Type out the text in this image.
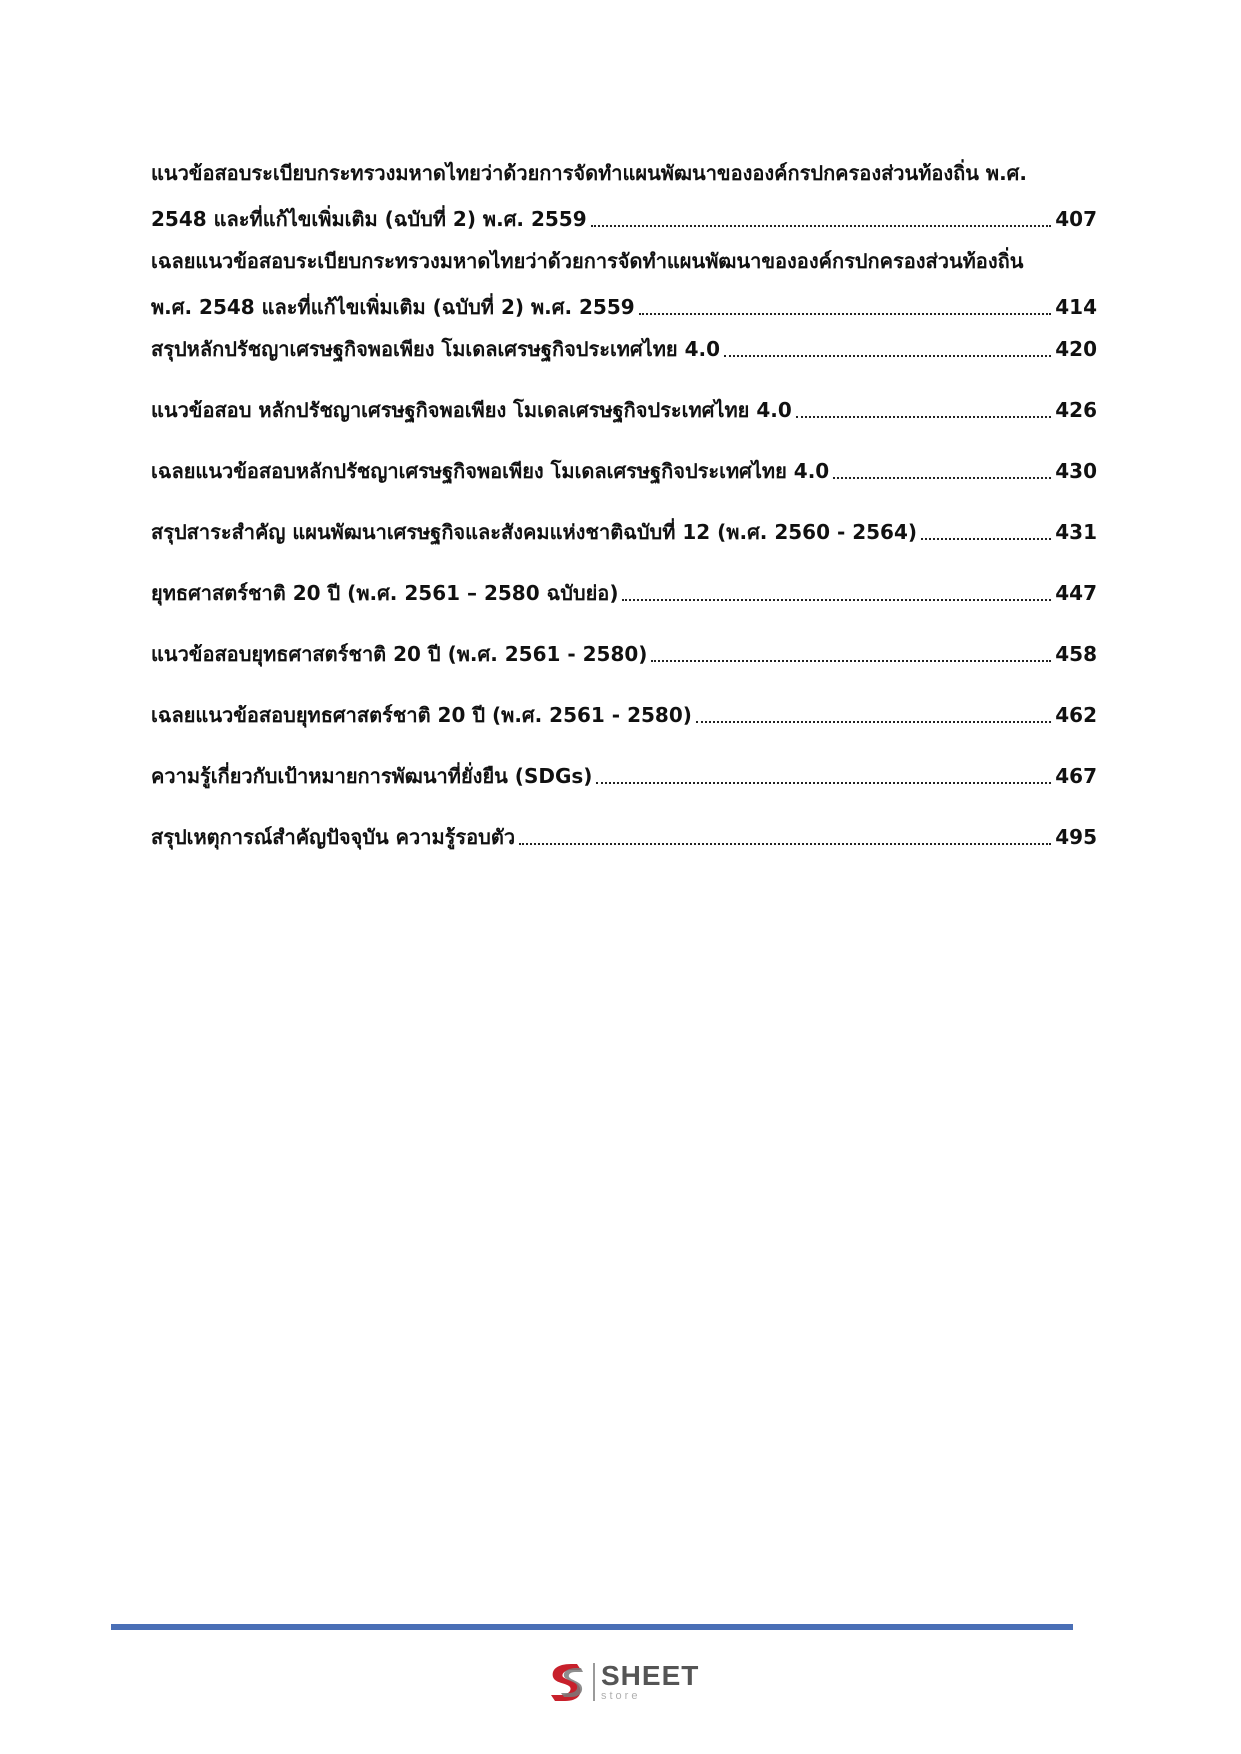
แนวข้อสอบระเบียบกระทรวงมหาดไทยว่าด้วยการจัดทำแผนพัฒนาขององค์กรปกครองส่วนท้องถิ่น พ.ศ.
2548 และที่แก้ไขเพิ่มเติม (ฉบับที่ 2) พ.ศ. 2559	407
เฉลยแนวข้อสอบระเบียบกระทรวงมหาดไทยว่าด้วยการจัดทำแผนพัฒนาขององค์กรปกครองส่วนท้องถิ่น
พ.ศ. 2548 และที่แก้ไขเพิ่มเติม (ฉบับที่ 2) พ.ศ. 2559	414
สรุปหลักปรัชญาเศรษฐกิจพอเพียง โมเดลเศรษฐกิจประเทศไทย 4.0	420
แนวข้อสอบ หลักปรัชญาเศรษฐกิจพอเพียง โมเดลเศรษฐกิจประเทศไทย 4.0	426
เฉลยแนวข้อสอบหลักปรัชญาเศรษฐกิจพอเพียง โมเดลเศรษฐกิจประเทศไทย 4.0	430
สรุปสาระสำคัญ แผนพัฒนาเศรษฐกิจและสังคมแห่งชาติฉบับที่ 12 (พ.ศ. 2560 - 2564)	431
ยุทธศาสตร์ชาติ 20 ปี (พ.ศ. 2561 – 2580 ฉบับย่อ)	447
แนวข้อสอบยุทธศาสตร์ชาติ 20 ปี (พ.ศ. 2561 - 2580)	458
เฉลยแนวข้อสอบยุทธศาสตร์ชาติ 20 ปี (พ.ศ. 2561 - 2580)	462
ความรู้เกี่ยวกับเป้าหมายการพัฒนาที่ยั่งยืน (SDGs)	467
สรุปเหตุการณ์สำคัญปัจจุบัน ความรู้รอบตัว	495
SHEET
store
